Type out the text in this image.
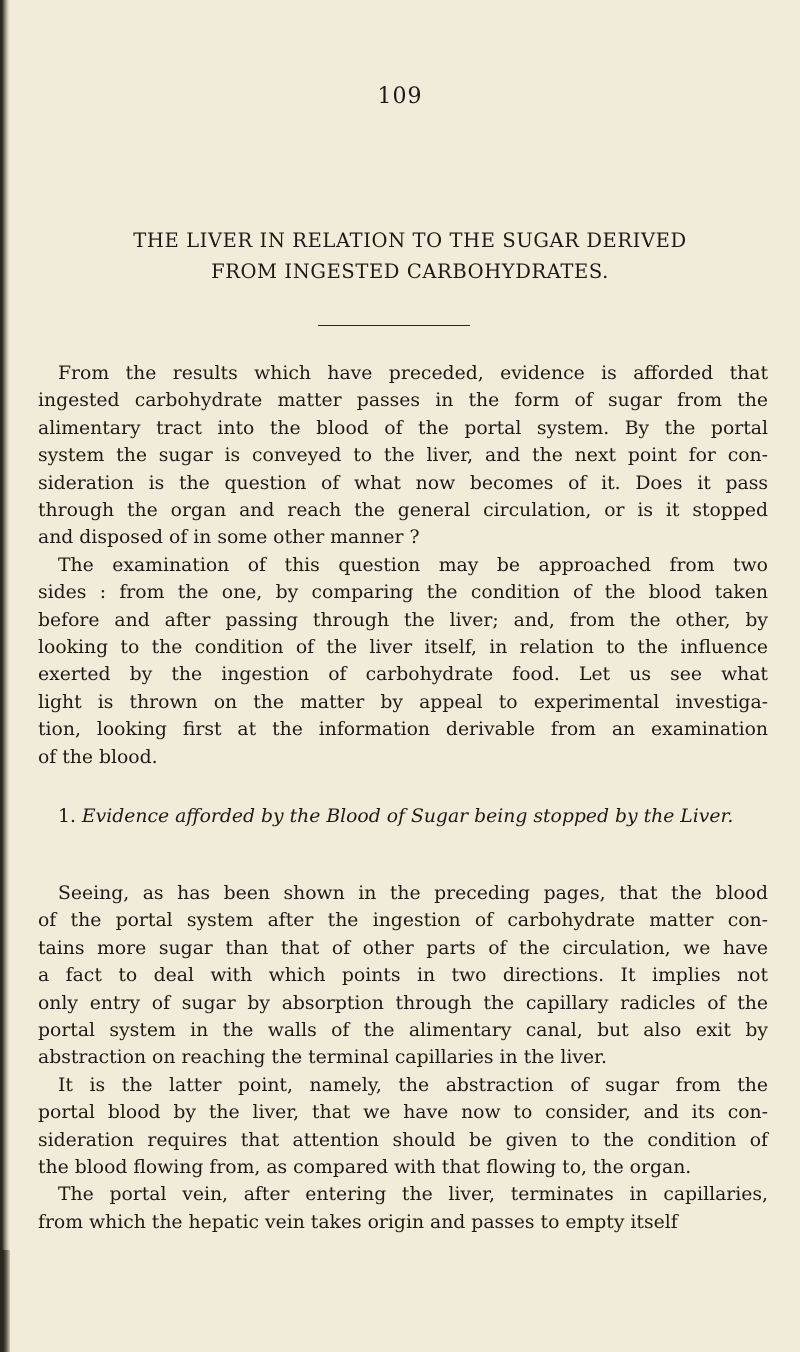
109
THE LIVER IN RELATION TO THE SUGAR DERIVED
FROM INGESTED CARBOHYDRATES.
From the results which have preceded, evidence is afforded that
ingested carbohydrate matter passes in the form of sugar from the
alimentary tract into the blood of the portal system. By the portal
system the sugar is conveyed to the liver, and the next point for con-
sideration is the question of what now becomes of it. Does it pass
through the organ and reach the general circulation, or is it stopped
and disposed of in some other manner ?
The examination of this question may be approached from two
sides : from the one, by comparing the condition of the blood taken
before and after passing through the liver; and, from the other, by
looking to the condition of the liver itself, in relation to the influence
exerted by the ingestion of carbohydrate food. Let us see what
light is thrown on the matter by appeal to experimental investiga-
tion, looking first at the information derivable from an examination
of the blood.
1. Evidence afforded by the Blood of Sugar being stopped by the Liver.
Seeing, as has been shown in the preceding pages, that the blood
of the portal system after the ingestion of carbohydrate matter con-
tains more sugar than that of other parts of the circulation, we have
a fact to deal with which points in two directions. It implies not
only entry of sugar by absorption through the capillary radicles of the
portal system in the walls of the alimentary canal, but also exit by
abstraction on reaching the terminal capillaries in the liver.
It is the latter point, namely, the abstraction of sugar from the
portal blood by the liver, that we have now to consider, and its con-
sideration requires that attention should be given to the condition of
the blood flowing from, as compared with that flowing to, the organ.
The portal vein, after entering the liver, terminates in capillaries,
from which the hepatic vein takes origin and passes to empty itself
